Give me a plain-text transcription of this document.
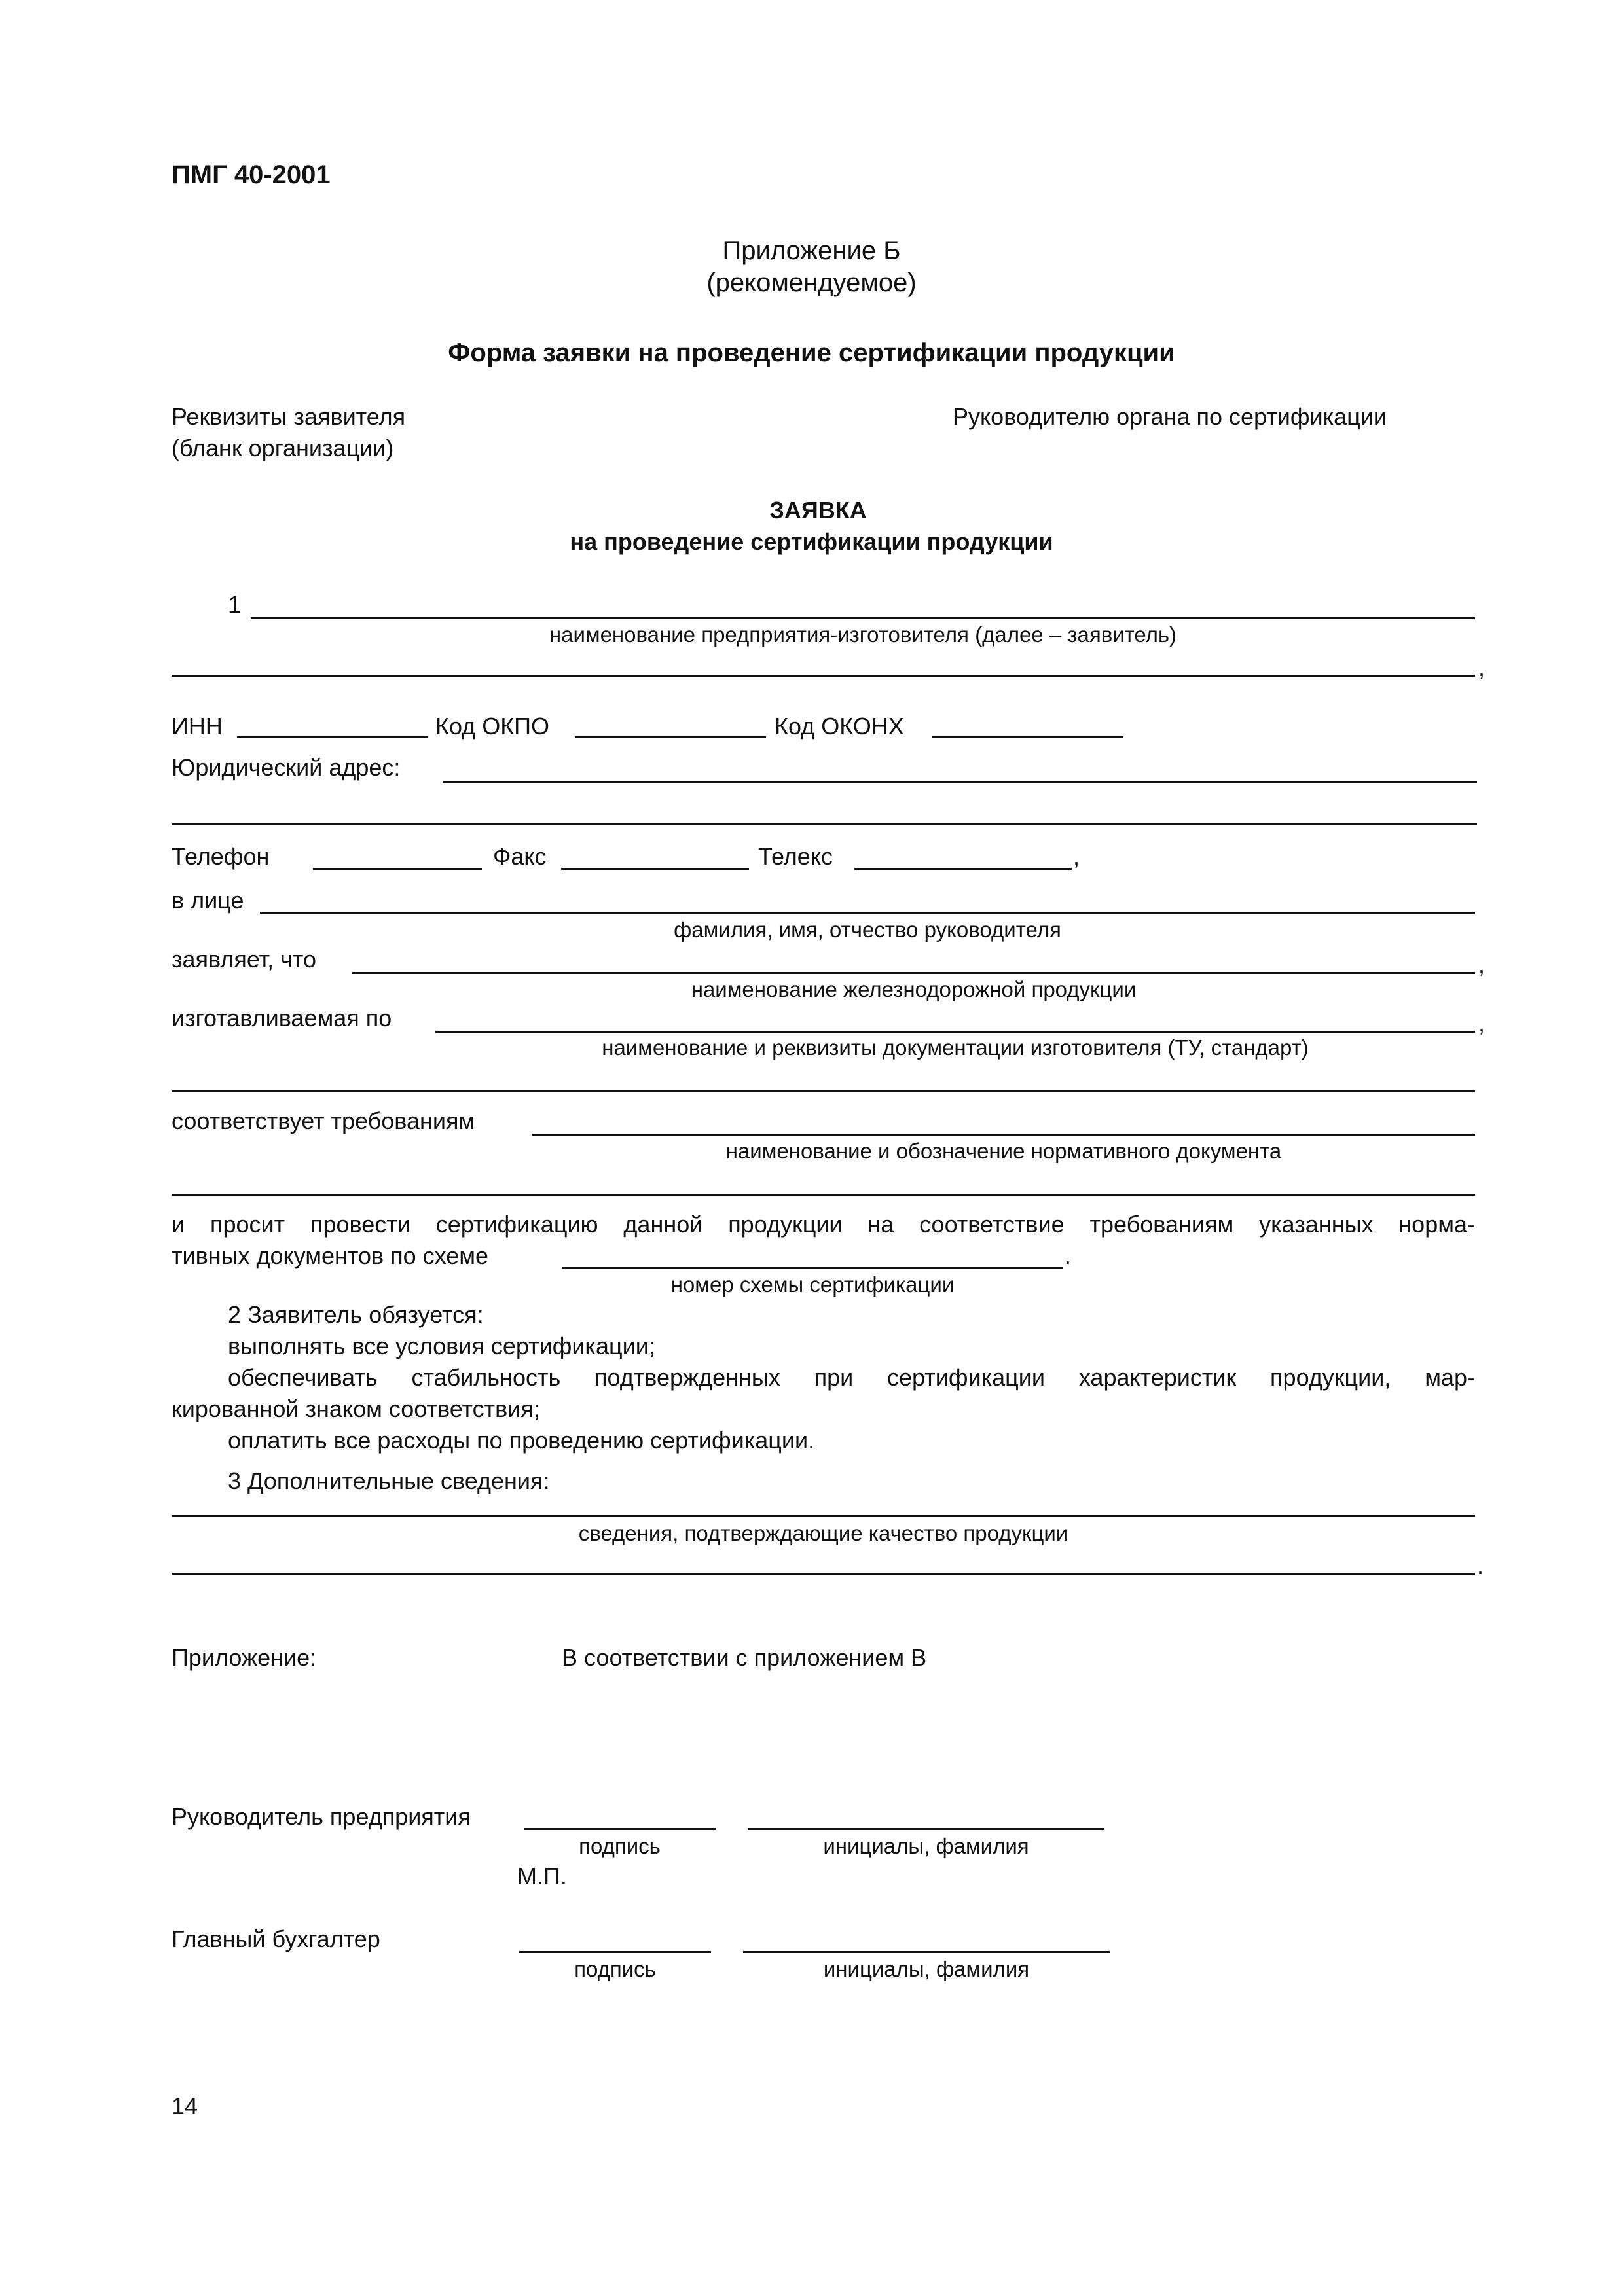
ПМГ 40-2001
Приложение Б
(рекомендуемое)
Форма заявки на проведение сертификации продукции
Реквизиты заявителя
(бланк организации)
Руководителю органа по сертификации
ЗАЯВКА
на проведение сертификации продукции
1
наименование предприятия-изготовителя (далее – заявитель)
,
ИНН	Код ОКПО	Код ОКОНХ
Юридический адрес:
Телефон	Факс	Телекс	,
в лице
фамилия, имя, отчество руководителя
заявляет, что	,
наименование железнодорожной продукции
изготавливаемая по	,
наименование и реквизиты документации изготовителя (ТУ, стандарт)
соответствует требованиям
наименование и обозначение нормативного документа
и просит провести сертификацию данной продукции на соответствие требованиям указанных норма-
тивных документов по схеме	.
номер схемы сертификации
2 Заявитель обязуется:
выполнять все условия сертификации;
обеспечивать стабильность подтвержденных при сертификации характеристик продукции, мар-
кированной знаком соответствия;
оплатить все расходы по проведению сертификации.
3 Дополнительные сведения:
сведения, подтверждающие качество продукции
.
Приложение:	В соответствии с приложением В
Руководитель предприятия
подпись	инициалы, фамилия
М.П.
Главный бухгалтер
подпись	инициалы, фамилия
14
